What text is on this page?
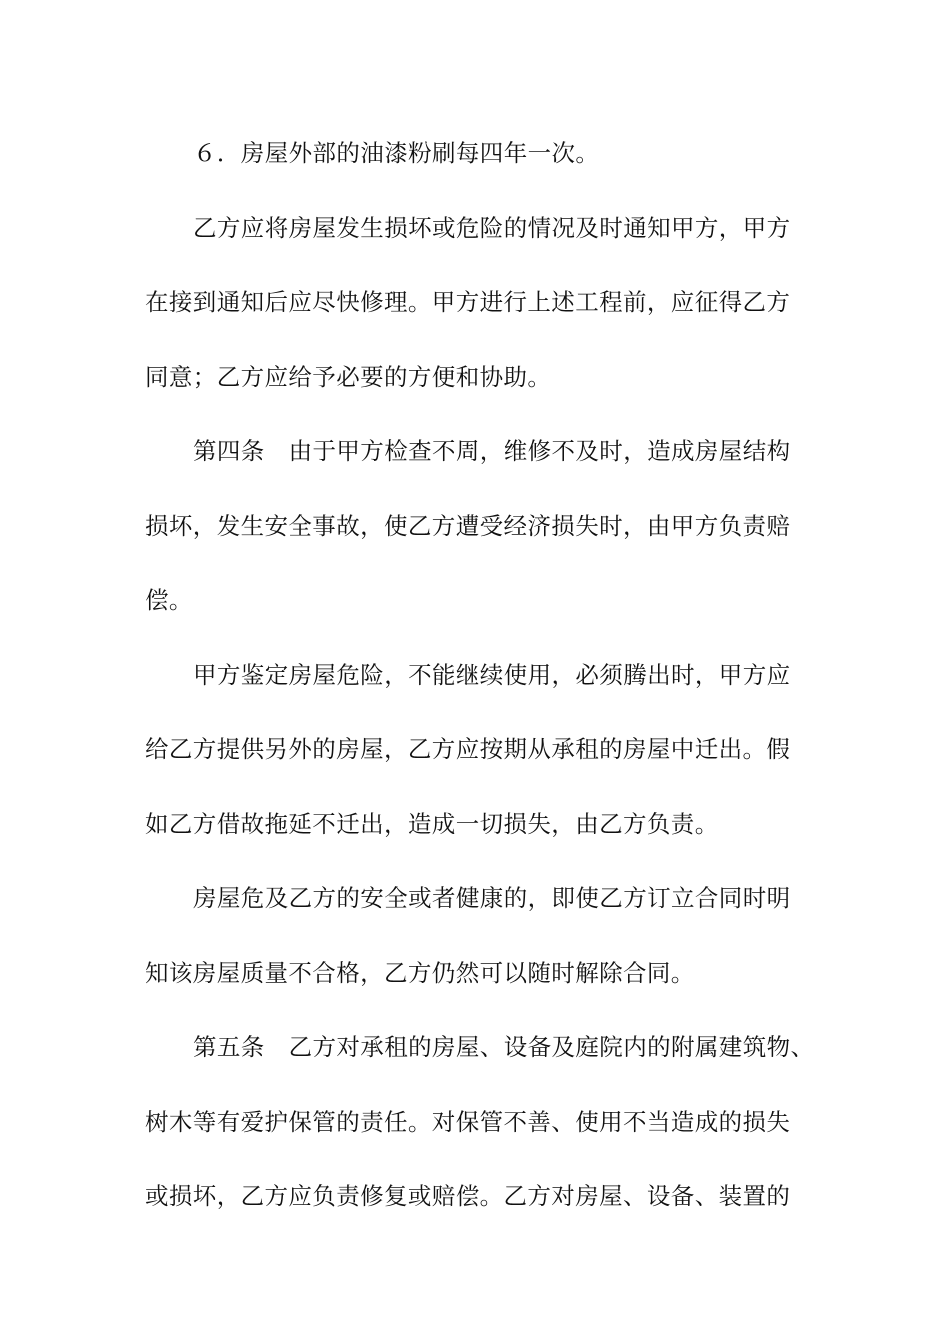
６．房屋外部的油漆粉刷每四年一次。
乙方应将房屋发生损坏或危险的情况及时通知甲方，甲方
在接到通知后应尽快修理。甲方进行上述工程前，应征得乙方
同意；乙方应给予必要的方便和协助。
第四条　由于甲方检查不周，维修不及时，造成房屋结构
损坏，发生安全事故，使乙方遭受经济损失时，由甲方负责赔
偿。
甲方鉴定房屋危险，不能继续使用，必须腾出时，甲方应
给乙方提供另外的房屋，乙方应按期从承租的房屋中迁出。假
如乙方借故拖延不迁出，造成一切损失，由乙方负责。
房屋危及乙方的安全或者健康的，即使乙方订立合同时明
知该房屋质量不合格，乙方仍然可以随时解除合同。
第五条　乙方对承租的房屋、设备及庭院内的附属建筑物、
树木等有爱护保管的责任。对保管不善、使用不当造成的损失
或损坏，乙方应负责修复或赔偿。乙方对房屋、设备、装置的
